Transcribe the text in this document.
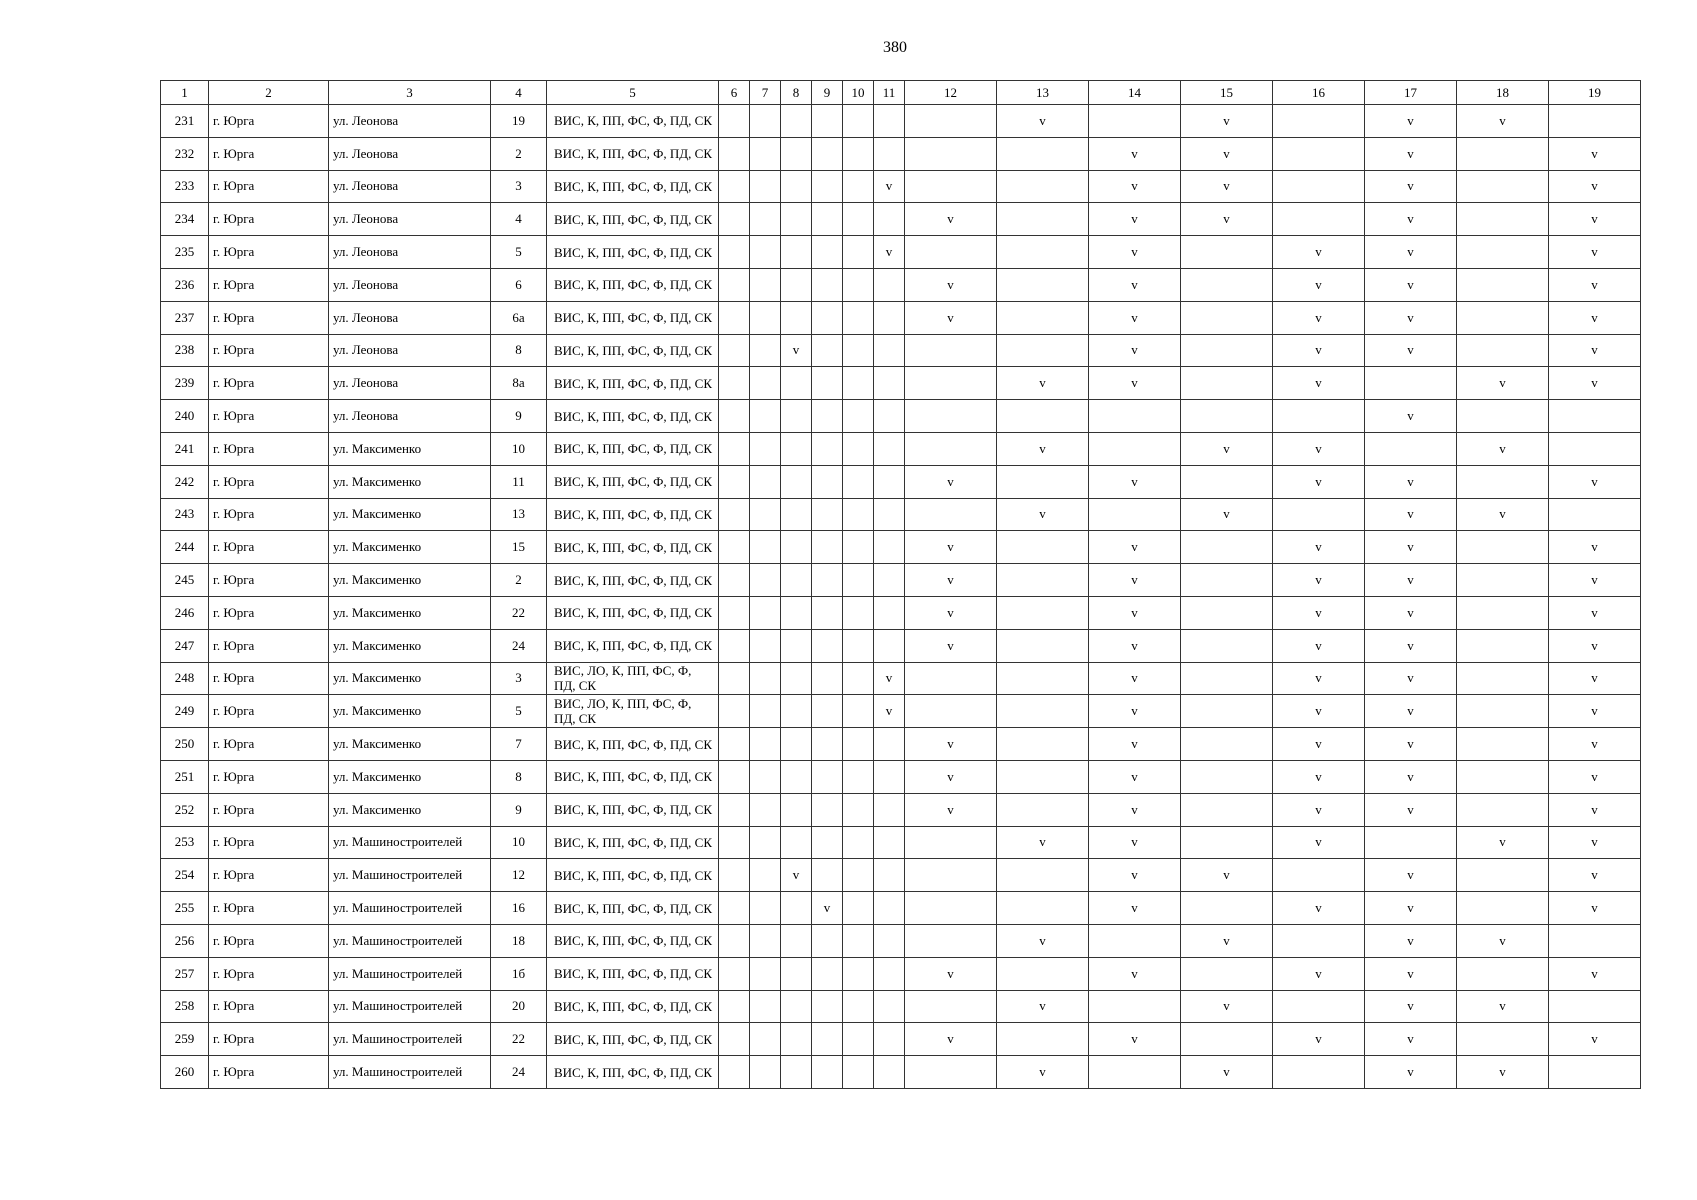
380
1	2	3	4	5	6	7	8	9	10	11	12	13	14	15	16	17	18	19
231	г. Юрга	ул. Леонова	19	ВИС, К, ПП, ФС, Ф, ПД, СК								v		v		v	v	
232	г. Юрга	ул. Леонова	2	ВИС, К, ПП, ФС, Ф, ПД, СК									v	v		v		v
233	г. Юрга	ул. Леонова	3	ВИС, К, ПП, ФС, Ф, ПД, СК						v			v	v		v		v
234	г. Юрга	ул. Леонова	4	ВИС, К, ПП, ФС, Ф, ПД, СК							v		v	v		v		v
235	г. Юрга	ул. Леонова	5	ВИС, К, ПП, ФС, Ф, ПД, СК						v			v		v	v		v
236	г. Юрга	ул. Леонова	6	ВИС, К, ПП, ФС, Ф, ПД, СК							v		v		v	v		v
237	г. Юрга	ул. Леонова	6а	ВИС, К, ПП, ФС, Ф, ПД, СК							v		v		v	v		v
238	г. Юрга	ул. Леонова	8	ВИС, К, ПП, ФС, Ф, ПД, СК			v						v		v	v		v
239	г. Юрга	ул. Леонова	8а	ВИС, К, ПП, ФС, Ф, ПД, СК								v	v		v		v	v
240	г. Юрга	ул. Леонова	9	ВИС, К, ПП, ФС, Ф, ПД, СК												v		
241	г. Юрга	ул. Максименко	10	ВИС, К, ПП, ФС, Ф, ПД, СК								v		v	v		v	
242	г. Юрга	ул. Максименко	11	ВИС, К, ПП, ФС, Ф, ПД, СК							v		v		v	v		v
243	г. Юрга	ул. Максименко	13	ВИС, К, ПП, ФС, Ф, ПД, СК								v		v		v	v	
244	г. Юрга	ул. Максименко	15	ВИС, К, ПП, ФС, Ф, ПД, СК							v		v		v	v		v
245	г. Юрга	ул. Максименко	2	ВИС, К, ПП, ФС, Ф, ПД, СК							v		v		v	v		v
246	г. Юрга	ул. Максименко	22	ВИС, К, ПП, ФС, Ф, ПД, СК							v		v		v	v		v
247	г. Юрга	ул. Максименко	24	ВИС, К, ПП, ФС, Ф, ПД, СК							v		v		v	v		v
248	г. Юрга	ул. Максименко	3	ВИС, ЛО, К, ПП, ФС, Ф, ПД, СК						v			v		v	v		v
249	г. Юрга	ул. Максименко	5	ВИС, ЛО, К, ПП, ФС, Ф, ПД, СК						v			v		v	v		v
250	г. Юрга	ул. Максименко	7	ВИС, К, ПП, ФС, Ф, ПД, СК							v		v		v	v		v
251	г. Юрга	ул. Максименко	8	ВИС, К, ПП, ФС, Ф, ПД, СК							v		v		v	v		v
252	г. Юрга	ул. Максименко	9	ВИС, К, ПП, ФС, Ф, ПД, СК							v		v		v	v		v
253	г. Юрга	ул. Машиностроителей	10	ВИС, К, ПП, ФС, Ф, ПД, СК								v	v		v		v	v
254	г. Юрга	ул. Машиностроителей	12	ВИС, К, ПП, ФС, Ф, ПД, СК			v						v	v		v		v
255	г. Юрга	ул. Машиностроителей	16	ВИС, К, ПП, ФС, Ф, ПД, СК				v					v		v	v		v
256	г. Юрга	ул. Машиностроителей	18	ВИС, К, ПП, ФС, Ф, ПД, СК								v		v		v	v	
257	г. Юрга	ул. Машиностроителей	1б	ВИС, К, ПП, ФС, Ф, ПД, СК							v		v		v	v		v
258	г. Юрга	ул. Машиностроителей	20	ВИС, К, ПП, ФС, Ф, ПД, СК								v		v		v	v	
259	г. Юрга	ул. Машиностроителей	22	ВИС, К, ПП, ФС, Ф, ПД, СК							v		v		v	v		v
260	г. Юрга	ул. Машиностроителей	24	ВИС, К, ПП, ФС, Ф, ПД, СК								v		v		v	v	
